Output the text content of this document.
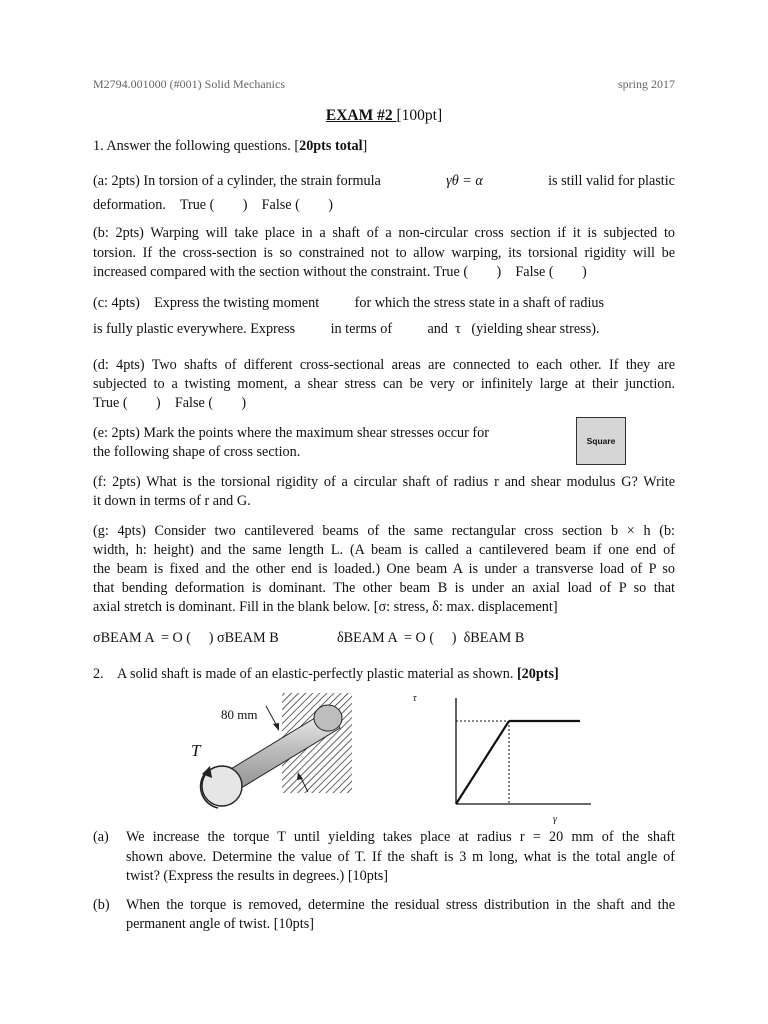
M2794.001000 (#001) Solid Mechanics	spring 2017
EXAM #2 [100pt]
1. Answer the following questions. [20pts total]
(a: 2pts) In torsion of a cylinder, the strain formula	γθ = α	is still valid for plastic
deformation.    True (        )    False (        )
(b: 2pts) Warping will take place in a shaft of a non-circular cross section if it is subjected to
torsion. If the cross-section is so constrained not to allow warping, its torsional rigidity will be
increased compared with the section without the constraint. True (        )    False (        )
(c: 4pts)    Express the twisting moment          for which the stress state in a shaft of radius
is fully plastic everywhere. Express          in terms of          and  τ   (yielding shear stress).
(d: 4pts) Two shafts of different cross-sectional areas are connected to each other. If they are
subjected to a twisting moment, a shear stress can be very or infinitely large at their junction.
True (        )    False (        )
(e: 2pts) Mark the points where the maximum shear stresses occur for
the following shape of cross section.
Square
(f: 2pts) What is the torsional rigidity of a circular shaft of radius r and shear modulus G? Write
it down in terms of r and G.
(g: 4pts) Consider two cantilevered beams of the same rectangular cross section b × h (b:
width, h: height) and the same length L. (A beam is called a cantilevered beam if one end of
the beam is fixed and the other end is loaded.) One beam A is under a transverse load of P so
that bending deformation is dominant. The other beam B is under an axial load of P so that
axial stretch is dominant. Fill in the blank below. [σ: stress, δ: max. displacement]
σBEAM A  = O (     ) σBEAM B	δBEAM A  = O (     )  δBEAM B
2.    A solid shaft is made of an elastic-perfectly plastic material as shown. [20pts]
80 mm
T
τ
γ
(a)	We increase the torque T until yielding takes place at radius r = 20 mm of the shaft
shown above. Determine the value of T. If the shaft is 3 m long, what is the total angle of
twist? (Express the results in degrees.) [10pts]
(b)	When the torque is removed, determine the residual stress distribution in the shaft and the
permanent angle of twist. [10pts]
